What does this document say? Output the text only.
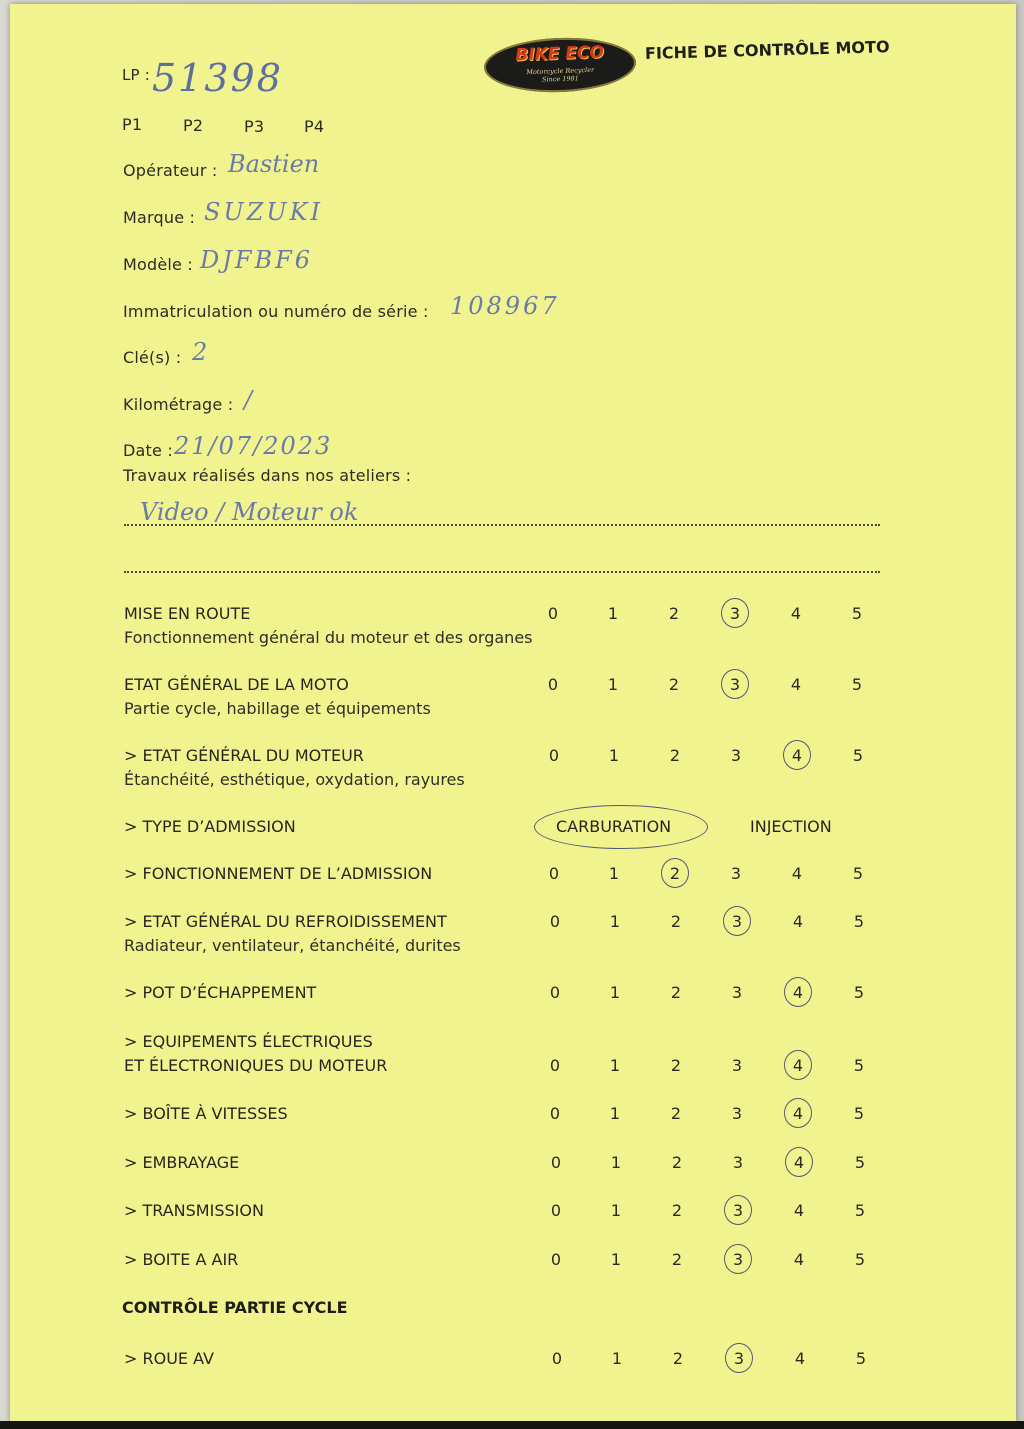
BIKE ECO
Motorcycle Recycler
Since 1981
FICHE DE CONTRÔLE MOTO
LP : 51398
P1	P2	P3 P4
Opérateur : Bastien
Marque : SUZUKI
Modèle : DJFBF6
Immatriculation ou numéro de série : 108967
Clé(s) : 2
Kilométrage : /
Date : 21/07/2023
Travaux réalisés dans nos ateliers :
Video / Moteur ok
MISE EN ROUTE
Fonctionnement général du moteur et des organes
0	1	2	3	4	5
ETAT GÉNÉRAL DE LA MOTO
Partie cycle, habillage et équipements
0	1	2	3	4	5
> ETAT GÉNÉRAL DU MOTEUR
Étanchéité, esthétique, oxydation, rayures
0	1	2	3	4	5
> TYPE D’ADMISSION	CARBURATION	INJECTION
> FONCTIONNEMENT DE L’ADMISSION	0	1	2	3	4	5
> ETAT GÉNÉRAL DU REFROIDISSEMENT
Radiateur, ventilateur, étanchéité, durites
0	1	2	3	4	5
> POT D’ÉCHAPPEMENT	0	1	2	3	4	5
> EQUIPEMENTS ÉLECTRIQUES
ET ÉLECTRONIQUES DU MOTEUR	0	1	2	3	4	5
> BOÎTE À VITESSES	0	1	2	3	4	5
> EMBRAYAGE	0	1	2	3	4	5
> TRANSMISSION	0	1	2	3	4	5
> BOITE A AIR	0	1	2	3	4	5
CONTRÔLE PARTIE CYCLE
> ROUE AV	0	1	2	3	4	5
